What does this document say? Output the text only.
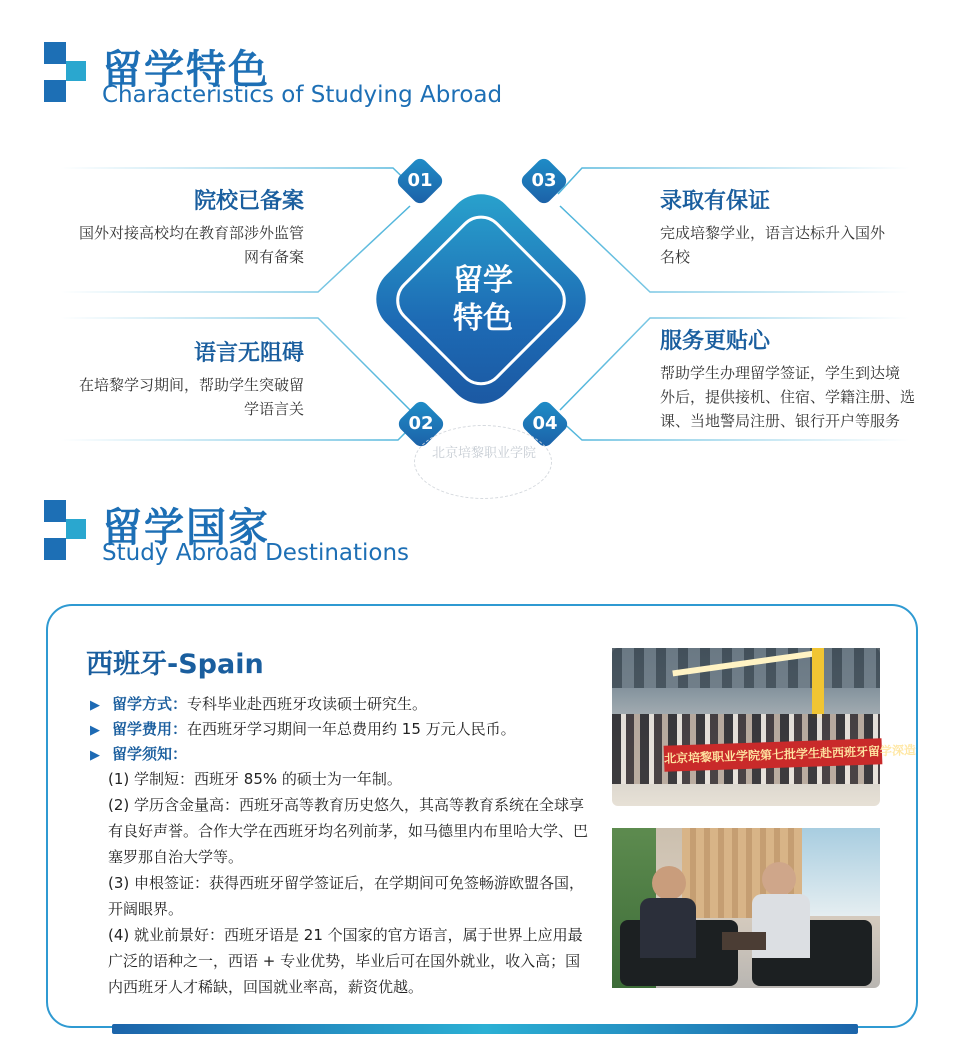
留学特色
Characteristics of Studying Abroad
01
02
03
04
留学
特色
院校已备案
国外对接高校均在教育部涉外监管
网有备案
语言无阻碍
在培黎学习期间，帮助学生突破留
学语言关
录取有保证
完成培黎学业，语言达标升入国外
名校
服务更贴心
帮助学生办理留学签证，学生到达境
外后，提供接机、住宿、学籍注册、选
课、当地警局注册、银行开户等服务
北京培黎职业学院
留学国家
Study Abroad Destinations
西班牙-Spain
▶ 留学方式：专科毕业赴西班牙攻读硕士研究生。
▶ 留学费用：在西班牙学习期间一年总费用约 15 万元人民币。
▶ 留学须知：
(1) 学制短：西班牙 85% 的硕士为一年制。
(2) 学历含金量高：西班牙高等教育历史悠久，其高等教育系统在全球享有良好声誉。合作大学在西班牙均名列前茅，如马德里内布里哈大学、巴塞罗那自治大学等。
(3) 申根签证：获得西班牙留学签证后，在学期间可免签畅游欧盟各国，开阔眼界。
(4) 就业前景好：西班牙语是 21 个国家的官方语言，属于世界上应用最广泛的语种之一，西语 + 专业优势，毕业后可在国外就业，收入高；国内西班牙人才稀缺，回国就业率高，薪资优越。
北京培黎职业学院第七批学生赴西班牙留学深造
